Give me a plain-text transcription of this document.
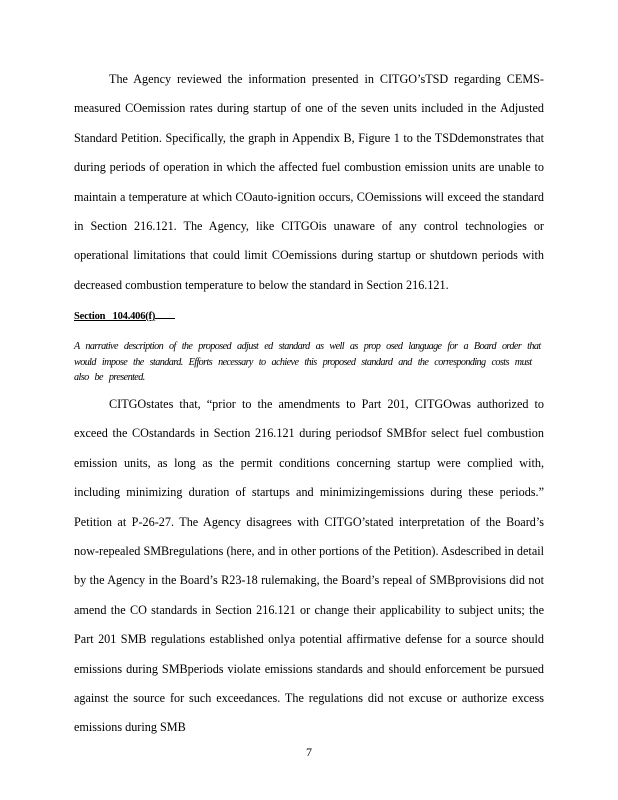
The Agency reviewed the information presented in CITGO’sTSD regarding CEMS-measured COemission rates during startup of one of the seven units included in the Adjusted Standard Petition. Specifically, the graph in Appendix B, Figure 1 to the TSDdemonstrates that during periods of operation in which the affected fuel combustion emission units are unable to maintain a temperature at which COauto-ignition occurs, COemissions will exceed the standard in Section 216.121. The Agency, like CITGOis unaware of any control technologies or operational limitations that could limit COemissions during startup or shutdown periods with decreased combustion temperature to below the standard in Section 216.121.

Section   104.406(f)

A narrative description of the proposed adjust ed standard as well as prop osed language for a Board order that would impose the standard. Efforts necessary to achieve this proposed standard and the corresponding costs must also be presented.

CITGOstates that, “prior to the amendments to Part 201, CITGOwas authorized to exceed the COstandards in Section 216.121 during periodsof SMBfor select fuel combustion emission units, as long as the permit conditions concerning startup were complied with, including minimizing duration of startups and minimizingemissions during these periods.” Petition at P-26-27. The Agency disagrees with CITGO’stated interpretation of the Board’s now-repealed SMBregulations (here, and in other portions of the Petition). Asdescribed in detail by the Agency in the Board’s R23-18 rulemaking, the Board’s repeal of SMBprovisions did not amend the CO standards in Section 216.121 or change their applicability to subject units; the Part 201 SMB regulations established onlya potential affirmative defense for a source should emissions during SMBperiods violate emissions standards and should enforcement be pursued against the source for such exceedances. The regulations did not excuse or authorize excess emissions during SMB

7
